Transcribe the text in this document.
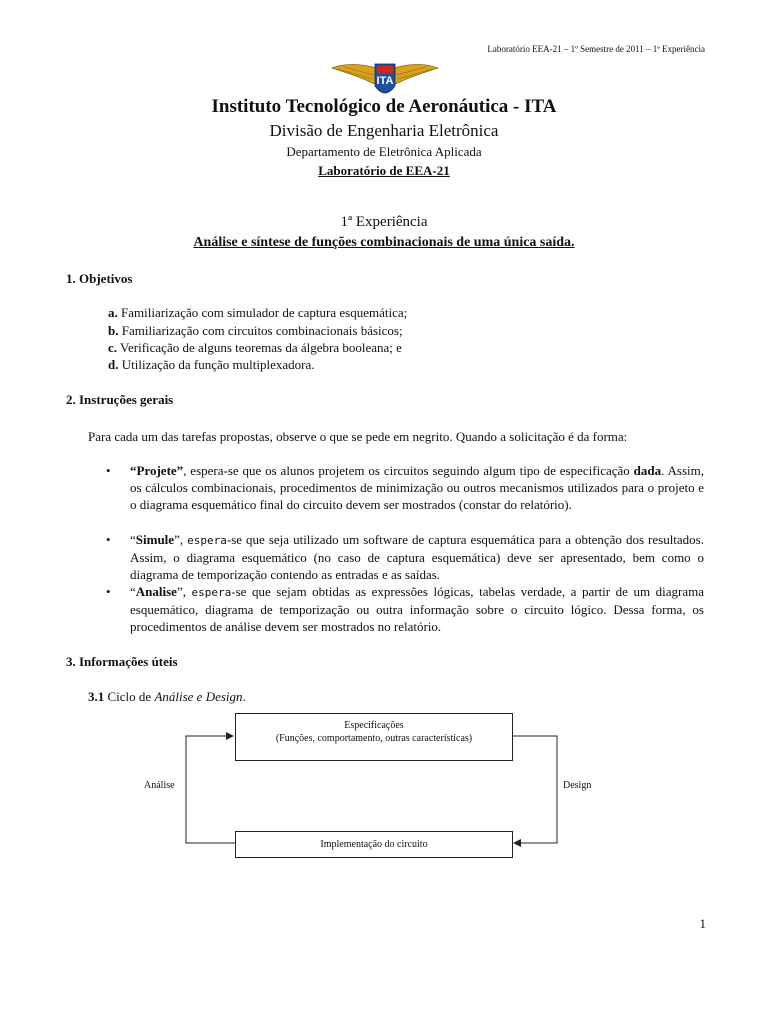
Laboratório EEA-21 – 1º Semestre de 2011 – 1ª Experiência
ITA
Instituto Tecnológico de Aeronáutica - ITA
Divisão de Engenharia Eletrônica
Departamento de Eletrônica Aplicada
Laboratório de EEA-21
1ª Experiência
Análise e síntese de funções combinacionais de uma única saída.
1. Objetivos
a. Familiarização com simulador de captura esquemática;
b. Familiarização com circuitos combinacionais básicos;
c. Verificação de alguns teoremas da álgebra booleana; e
d. Utilização da função multiplexadora.
2. Instruções gerais
Para cada um das tarefas propostas, observe o que se pede em negrito. Quando a solicitação é da forma:
• “Projete”, espera-se que os alunos projetem os circuitos seguindo algum tipo de especificação dada. Assim, os cálculos combinacionais, procedimentos de minimização ou outros mecanismos utilizados para o projeto e o diagrama esquemático final do circuito devem ser mostrados (constar do relatório).
• “Simule”, espera-se que seja utilizado um software de captura esquemática para a obtenção dos resultados. Assim, o diagrama esquemático (no caso de captura esquemática) deve ser apresentado, bem como o diagrama de temporização contendo as entradas e as saídas.
• “Analise”, espera-se que sejam obtidas as expressões lógicas, tabelas verdade, a partir de um diagrama esquemático, diagrama de temporização ou outra informação sobre o circuito lógico. Dessa forma, os procedimentos de análise devem ser mostrados no relatório.
3. Informações úteis
3.1 Ciclo de Análise e Design.
Especificações
(Funções, comportamento, outras características)
Implementação do circuito
Análise	Design
1
